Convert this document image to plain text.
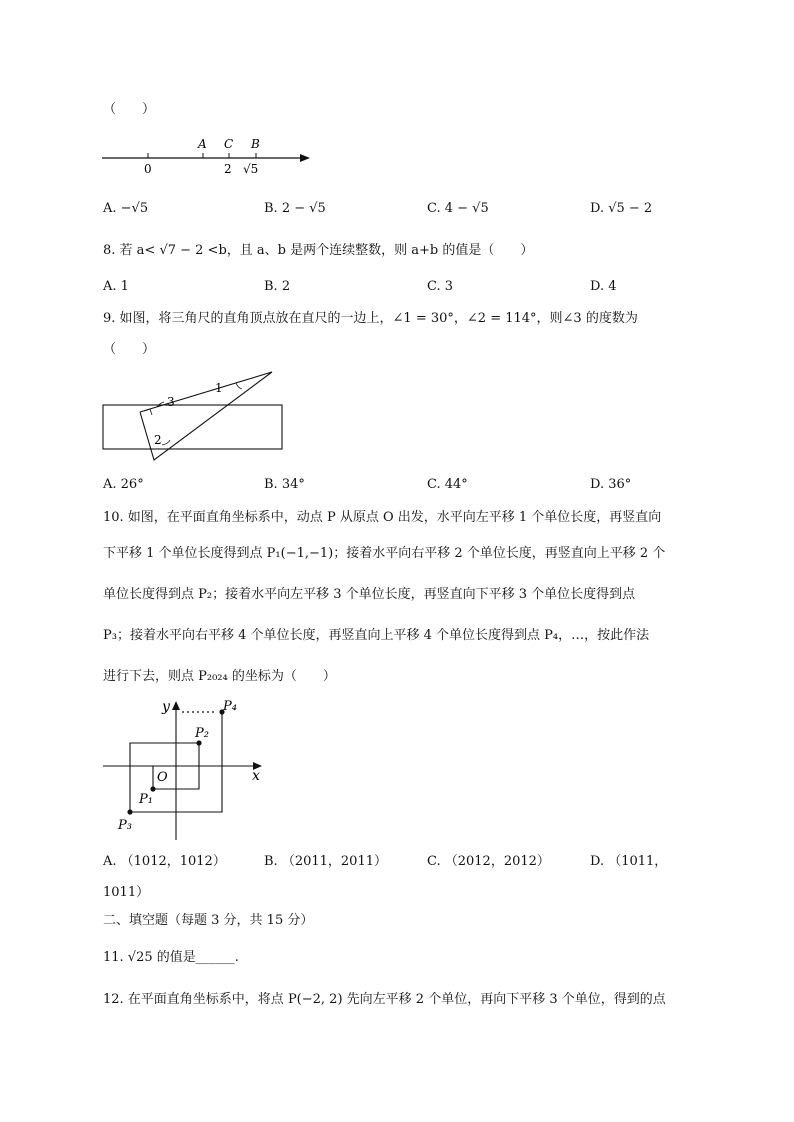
（　　）
A C B
0	2 √5
A. −√5	B. 2 − √5	C. 4 − √5	D. √5 − 2
8. 若 a< √7 − 2 <b，且 a、b 是两个连续整数，则 a+b 的值是（　　）
A. 1	B. 2	C. 3	D. 4
9. 如图，将三角尺的直角顶点放在直尺的一边上，∠1 = 30°，∠2 = 114°，则∠3 的度数为
（　　）
1
2
3
A. 26°	B. 34°	C. 44°	D. 36°
10. 如图，在平面直角坐标系中，动点 P 从原点 O 出发，水平向左平移 1 个单位长度，再竖直向
下平移 1 个单位长度得到点 P₁(−1,−1)；接着水平向右平移 2 个单位长度，再竖直向上平移 2 个
单位长度得到点 P₂；接着水平向左平移 3 个单位长度，再竖直向下平移 3 个单位长度得到点
P₃；接着水平向右平移 4 个单位长度，再竖直向上平移 4 个单位长度得到点 P₄，…，按此作法
进行下去，则点 P₂₀₂₄ 的坐标为（　　）
y
x
O
P₁
P₂
P₃
P₄
A. （1012，1012）	B. （2011，2011）	C. （2012，2012）	D. （1011，
1011）
二、填空题（每题 3 分，共 15 分）
11. √25 的值是______.
12. 在平面直角坐标系中，将点 P(−2, 2) 先向左平移 2 个单位，再向下平移 3 个单位，得到的点
